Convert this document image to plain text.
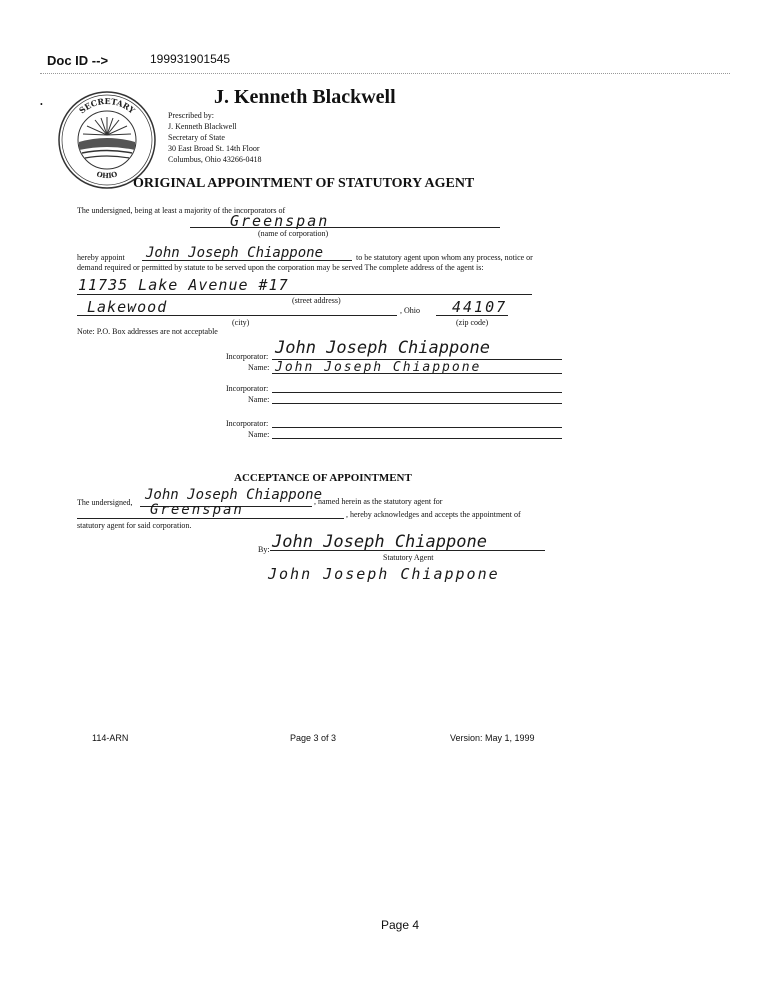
Doc ID -->	199931901545
SECRETARY
OHIO
•	J. Kenneth Blackwell
Prescribed by:
J. Kenneth Blackwell
Secretary of State
30 East Broad St. 14th Floor
Columbus, Ohio 43266-0418
ORIGINAL APPOINTMENT OF STATUTORY AGENT
The undersigned, being at least a majority of the incorporators of
Greenspan
(name of corporation)
hereby appoint John Joseph Chiappone	to be statutory agent upon whom any process, notice or
demand required or permitted by statute to be served upon the corporation may be served The complete address of the agent is:
11735 Lake Avenue #17
(street address)
Lakewood	, Ohio 44107
(city)	(zip code)
Note: P.O. Box addresses are not acceptable
Incorporator: John Joseph Chiappone
Name: John Joseph Chiappone
Incorporator:
Name:
Incorporator:
Name:
ACCEPTANCE OF APPOINTMENT
The undersigned, John Joseph Chiappone
, named herein as the statutory agent for
Greenspan	, hereby acknowledges and accepts the appointment of
statutory agent for said corporation.
By: John Joseph Chiappone
Statutory Agent
John Joseph Chiappone
114-ARN	Page 3 of 3	Version: May 1, 1999
Page 4
